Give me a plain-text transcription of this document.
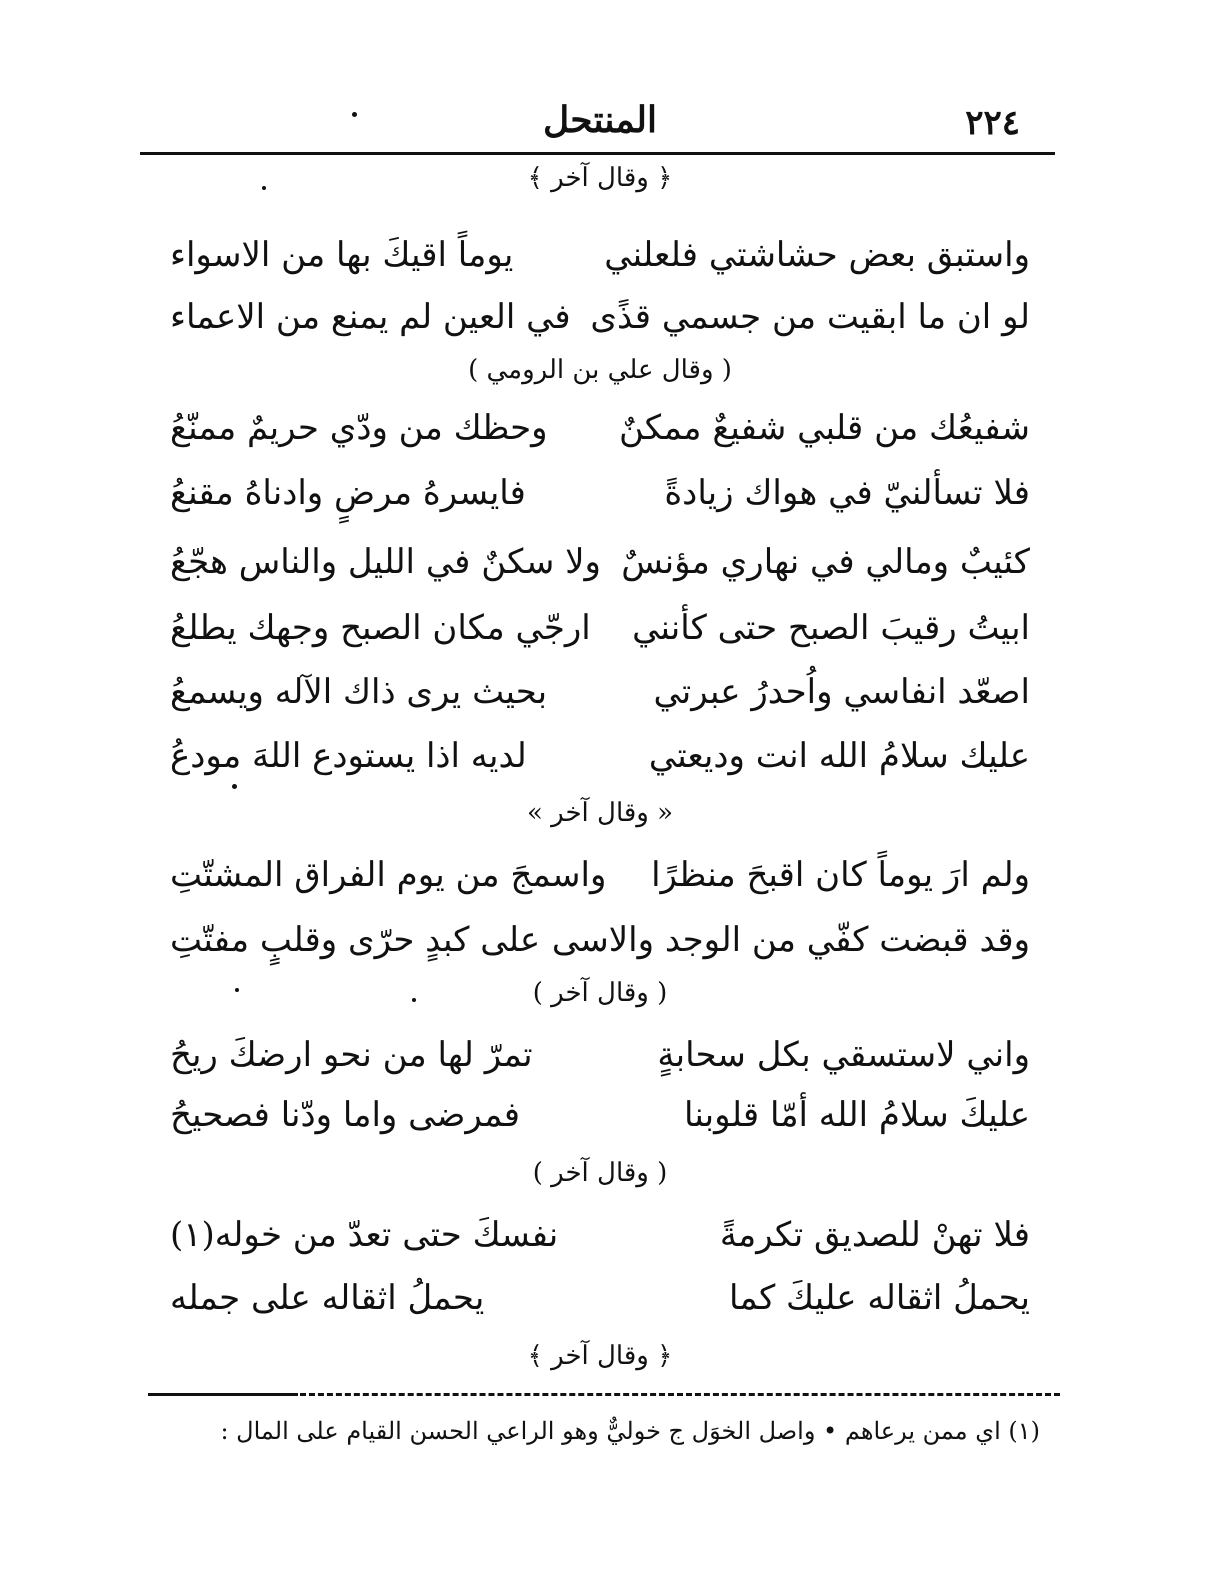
٢٢٤
المنتحل
﴿ وقال آخر ﴾
واستبق بعض حشاشتي فلعلني
يوماً اقيكَ بها من الاسواء
لو ان ما ابقيت من جسمي قذًى
في العين لم يمنع من الاعماء
( وقال علي بن الرومي )
شفيعُك من قلبي شفيعٌ ممكنٌ
وحظك من ودّي حريمٌ ممنّعُ
فلا تسألنيّ في هواك زيادةً
فايسرهُ مرضٍ وادناهُ مقنعُ
كئيبٌ ومالي في نهاري مؤنسٌ
ولا سكنٌ في الليل والناس هجّعُ
ابيتُ رقيبَ الصبح حتى كأنني
ارجّي مكان الصبح وجهك يطلعُ
اصعّد انفاسي واُحدرُ عبرتي
بحيث يرى ذاك الآله ويسمعُ
عليك سلامُ الله انت وديعتي
لديه اذا يستودع اللهَ مودعُ
« وقال آخر »
ولم ارَ يوماً كان اقبحَ منظرًا
واسمجَ من يوم الفراق المشتّتِ
وقد قبضت كفّي من الوجد والاسى
على كبدٍ حرّى وقلبٍ مفتّتِ
( وقال آخر )
واني لاستسقي بكل سحابةٍ
تمرّ لها من نحو ارضكَ ريحُ
عليكَ سلامُ الله أمّا قلوبنا
فمرضى واما ودّنا فصحيحُ
( وقال آخر )
فلا تهنْ للصديق تكرمةً
نفسكَ حتى تعدّ من خوله(١)
يحملُ اثقاله عليكَ كما
يحملُ اثقاله على جمله
﴿ وقال آخر ﴾
(١) اي ممن يرعاهم • واصل الخوَل ج خوليٌّ وهو الراعي الحسن القيام على المال :
